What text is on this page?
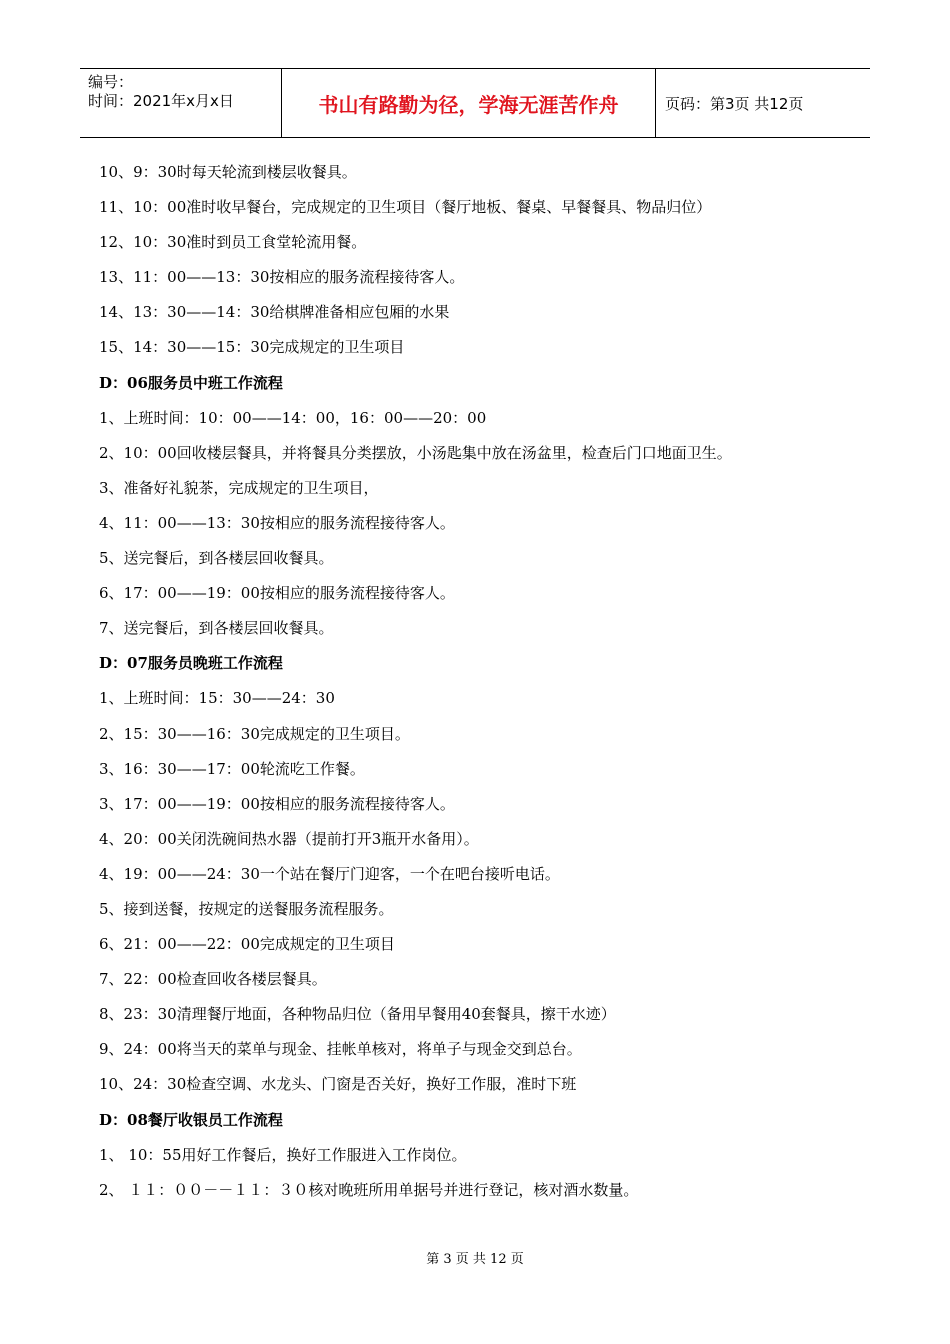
编号：
时间：2021年x月x日	书山有路勤为径，学海无涯苦作舟	页码：第3页 共12页
10、9：30时每天轮流到楼层收餐具。
11、10：00准时收早餐台，完成规定的卫生项目（餐厅地板、餐桌、早餐餐具、物品归位）
12、10：30准时到员工食堂轮流用餐。
13、11：00——13：30按相应的服务流程接待客人。
14、13：30——14：30给棋牌准备相应包厢的水果
15、14：30——15：30完成规定的卫生项目
D：06服务员中班工作流程
1、上班时间：10：00——14：00，16：00——20：00
2、10：00回收楼层餐具，并将餐具分类摆放，小汤匙集中放在汤盆里，检查后门口地面卫生。
3、准备好礼貌茶，完成规定的卫生项目，
4、11：00——13：30按相应的服务流程接待客人。
5、送完餐后，到各楼层回收餐具。
6、17：00——19：00按相应的服务流程接待客人。
7、送完餐后，到各楼层回收餐具。
D：07服务员晚班工作流程
1、上班时间：15：30——24：30
2、15：30——16：30完成规定的卫生项目。
3、16：30——17：00轮流吃工作餐。
3、17：00——19：00按相应的服务流程接待客人。
4、20：00关闭洗碗间热水器（提前打开3瓶开水备用）。
4、19：00——24：30一个站在餐厅门迎客，一个在吧台接听电话。
5、接到送餐，按规定的送餐服务流程服务。
6、21：00——22：00完成规定的卫生项目
7、22：00检查回收各楼层餐具。
8、23：30清理餐厅地面，各种物品归位（备用早餐用40套餐具，擦干水迹）
9、24：00将当天的菜单与现金、挂帐单核对，将单子与现金交到总台。
10、24：30检查空调、水龙头、门窗是否关好，换好工作服，准时下班
D：08餐厅收银员工作流程
1、 10：55用好工作餐后，换好工作服进入工作岗位。
2、 １１：００－－１１：３０核对晚班所用单据号并进行登记，核对酒水数量。
第 3 页 共 12 页
